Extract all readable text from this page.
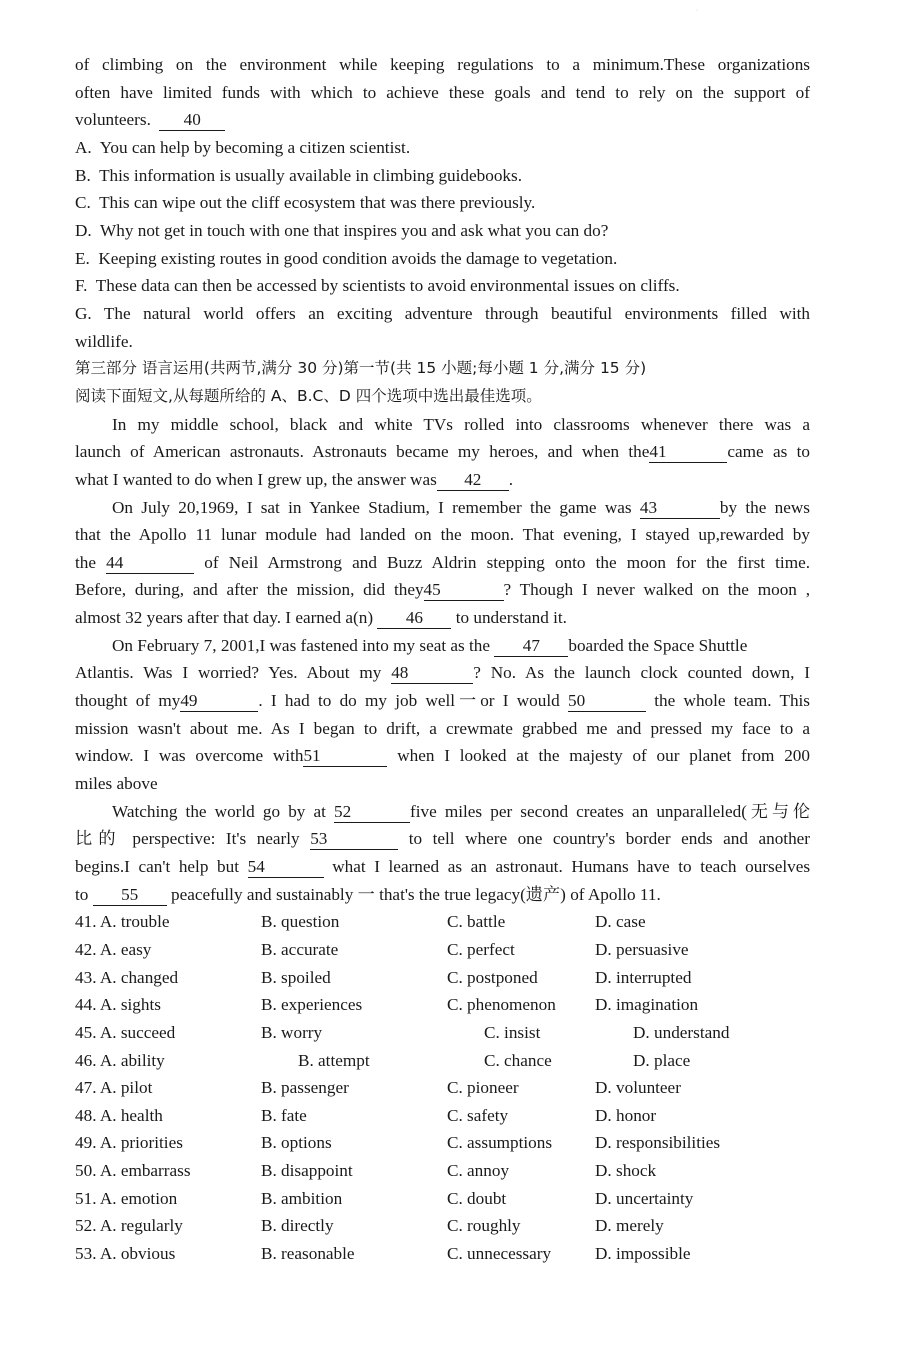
·

of climbing on the environment while keeping regulations to a minimum.These organizations

often have limited funds with which to achieve these goals and tend to rely on the support of

volunteers. 40

A. You can help by becoming a citizen scientist.

B. This information is usually available in climbing guidebooks.

C. This can wipe out the cliff ecosystem that was there previously.

D. Why not get in touch with one that inspires you and ask what you can do?

E. Keeping existing routes in good condition avoids the damage to vegetation.

F. These data can then be accessed by scientists to avoid environmental issues on cliffs.

G. The natural world offers an exciting adventure through beautiful environments filled with

wildlife.

第三部分 语言运用(共两节,满分 30 分)第一节(共 15 小题;每小题 1 分,满分 15 分)

阅读下面短文,从每题所给的 A、B.C、D 四个选项中选出最佳选项。

In my middle school, black and white TVs rolled into classrooms whenever there was a

launch of American astronauts. Astronauts became my heroes, and when the41	came as to

what I wanted to do when I grew up, the answer was 42 .

On July 20,1969, I sat in Yankee Stadium, I remember the game was 43	by the news

that the Apollo 11 lunar module had landed on the moon. That evening, I stayed up,rewarded by

the 44	of Neil Armstrong and Buzz Aldrin stepping onto the moon for the first time.

Before, during, and after the mission, did they45	? Though I never walked on the moon ,

almost 32 years after that day. I earned a(n) 46 to understand it.

On February 7, 2001,I was fastened into my seat as the 47 boarded the Space Shuttle

Atlantis. Was I worried? Yes. About my 48	? No. As the launch clock counted down, I

thought of my49	. I had to do my job well一or I would 50	the whole team. This

mission wasn't about me. As I began to drift, a crewmate grabbed me and pressed my face to a

window. I was overcome with51	when I looked at the majesty of our planet from 200

miles above

Watching the world go by at 52	five miles per second creates an unparalleled(无与伦

比的 perspective: It's nearly 53	to tell where one country's border ends and another

begins.I can't help but 54	what I learned as an astronaut. Humans have to teach ourselves

to 55 peacefully and sustainably 一 that's the true legacy(遗产) of Apollo 11.

41. A. trouble	B. question	C. battle	D. case
42. A. easy	B. accurate	C. perfect	D. persuasive
43. A. changed	B. spoiled	C. postponed	D. interrupted
44. A. sights	B. experiences	C. phenomenon D. imagination
45. A. succeed	B. worry	C. insist	D. understand
46. A. ability	B. attempt	C. chance	D. place
47. A. pilot	B. passenger	C. pioneer	D. volunteer
48. A. health	B. fate	C. safety	D. honor
49. A. priorities	B. options	C. assumptions D. responsibilities
50. A. embarrass	B. disappoint	C. annoy	D. shock
51. A. emotion	B. ambition	C. doubt	D. uncertainty
52. A. regularly	B. directly	C. roughly	D. merely
53. A. obvious	B. reasonable	C. unnecessary	D. impossible
